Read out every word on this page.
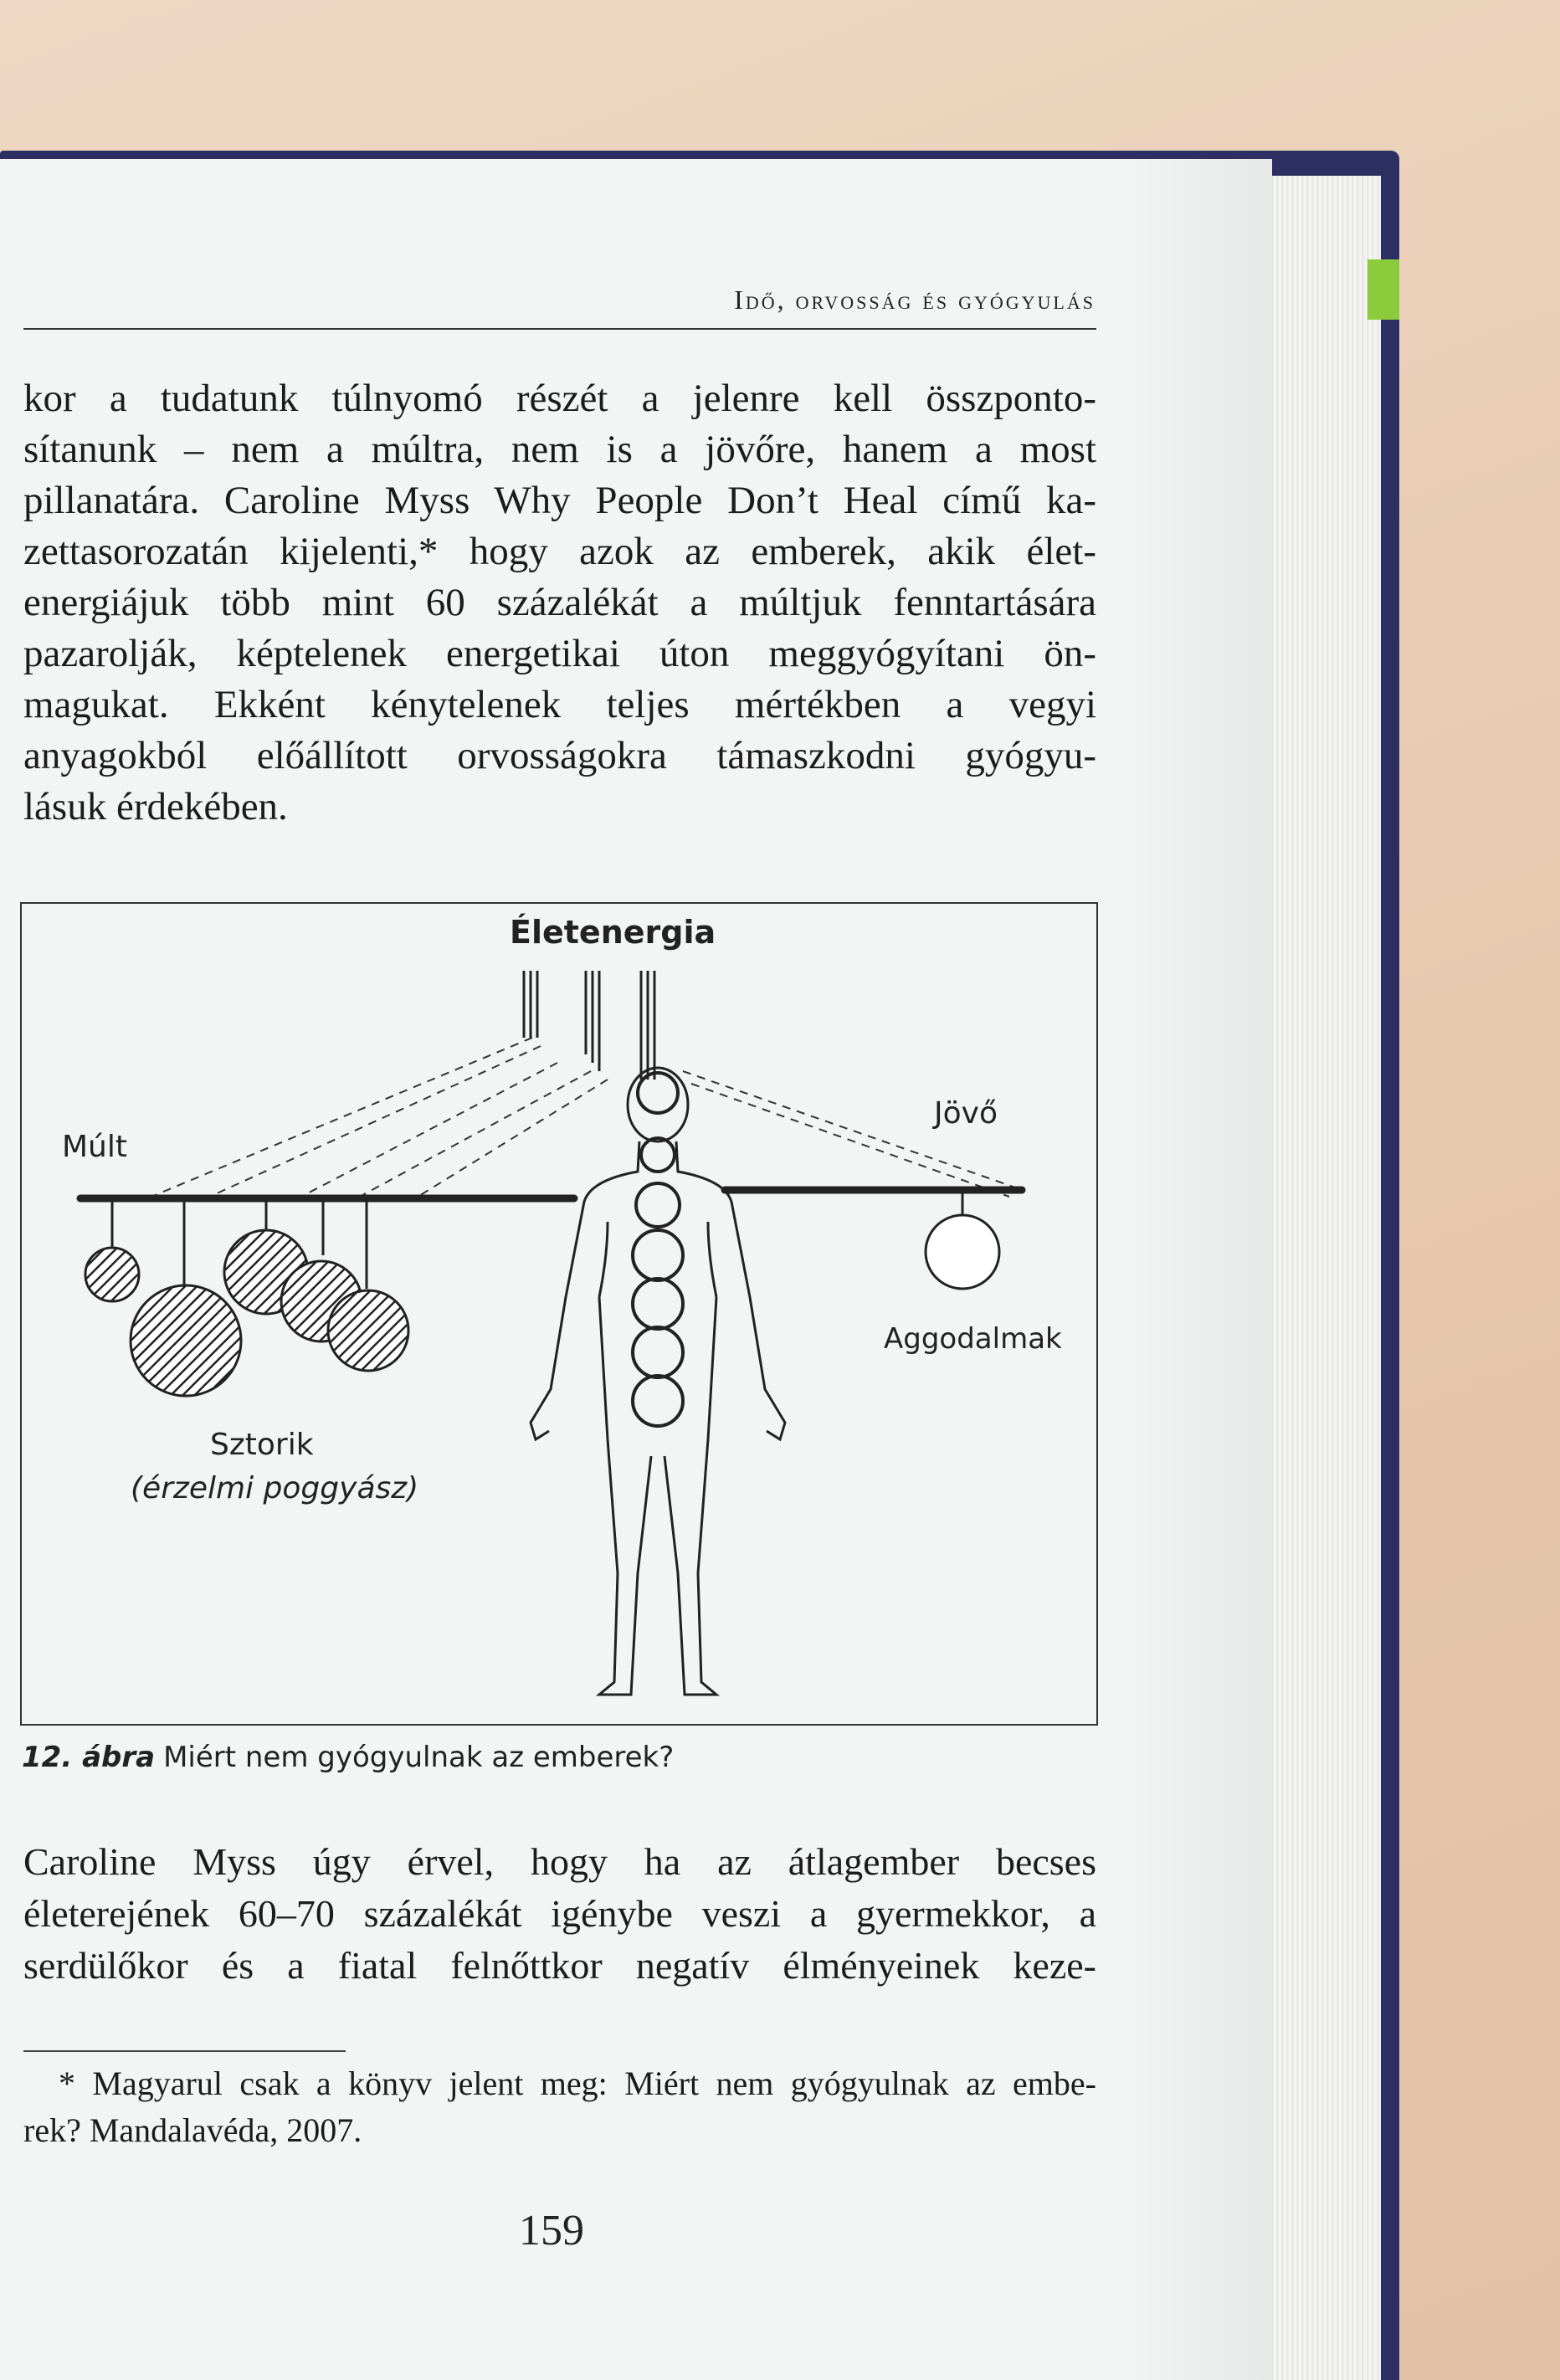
Idő, orvosság és gyógyulás
kor a tudatunk túlnyomó részét a jelenre kell összponto-
sítanunk – nem a múltra, nem is a jövőre, hanem a most
pillanatára. Caroline Myss Why People Don’t Heal című ka-
zettasorozatán kijelenti,* hogy azok az emberek, akik élet-
energiájuk több mint 60 százalékát a múltjuk fenntartására
pazarolják, képtelenek energetikai úton meggyógyítani ön-
magukat. Ekként kénytelenek teljes mértékben a vegyi
anyagokból előállított orvosságokra támaszkodni gyógyu-
lásuk érdekében.
Életenergia
Múlt
Jövő
Aggodalmak
Sztorik
(érzelmi poggyász)
12. ábra Miért nem gyógyulnak az emberek?
Caroline Myss úgy érvel, hogy ha az átlagember becses
életerejének 60–70 százalékát igénybe veszi a gyermekkor, a
serdülőkor és a fiatal felnőttkor negatív élményeinek keze-
* Magyarul csak a könyv jelent meg: Miért nem gyógyulnak az embe-
rek? Mandalavéda, 2007.
159
